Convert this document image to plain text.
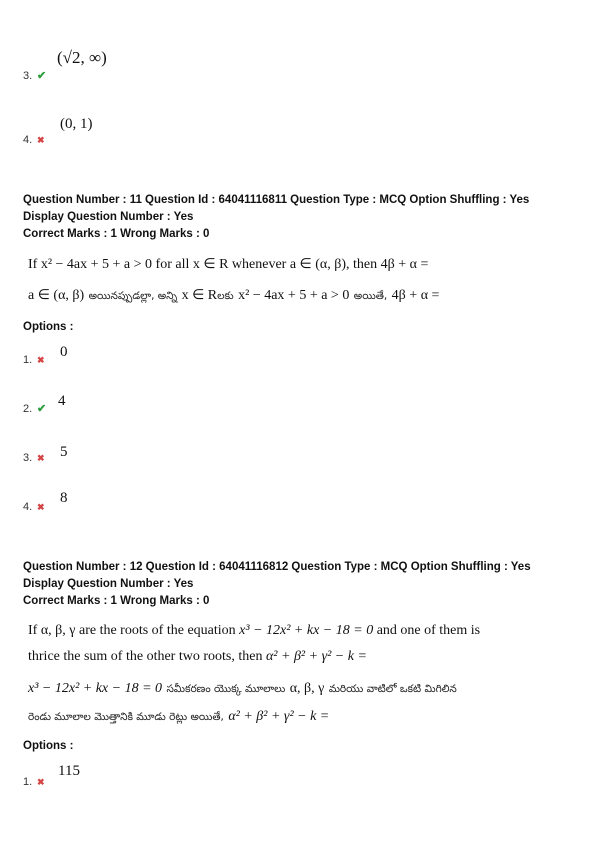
(√2, ∞)
3. ✔
(0, 1)
4. ✖
Question Number : 11 Question Id : 64041116811 Question Type : MCQ Option Shuffling : Yes
Display Question Number : Yes
Correct Marks : 1 Wrong Marks : 0
If x² − 4ax + 5 + a > 0 for all x ∈ R whenever a ∈ (α, β), then 4β + α =
a ∈ (α, β) అయినప్పుడల్లా, అన్ని x ∈ Rలకు x² − 4ax + 5 + a > 0 అయితే, 4β + α =
Options :
0
1. ✖
4
2. ✔
5
3. ✖
8
4. ✖
Question Number : 12 Question Id : 64041116812 Question Type : MCQ Option Shuffling : Yes
Display Question Number : Yes
Correct Marks : 1 Wrong Marks : 0
If α, β, γ are the roots of the equation x³ − 12x² + kx − 18 = 0 and one of them is
thrice the sum of the other two roots, then α² + β² + γ² − k =
x³ − 12x² + kx − 18 = 0 సమీకరణం యొక్క మూలాలు α, β, γ మరియు వాటిలో ఒకటి మిగిలిన
రెండు మూలాల మొత్తానికి మూడు రెట్లు అయితే, α² + β² + γ² − k =
Options :
115
1. ✖
